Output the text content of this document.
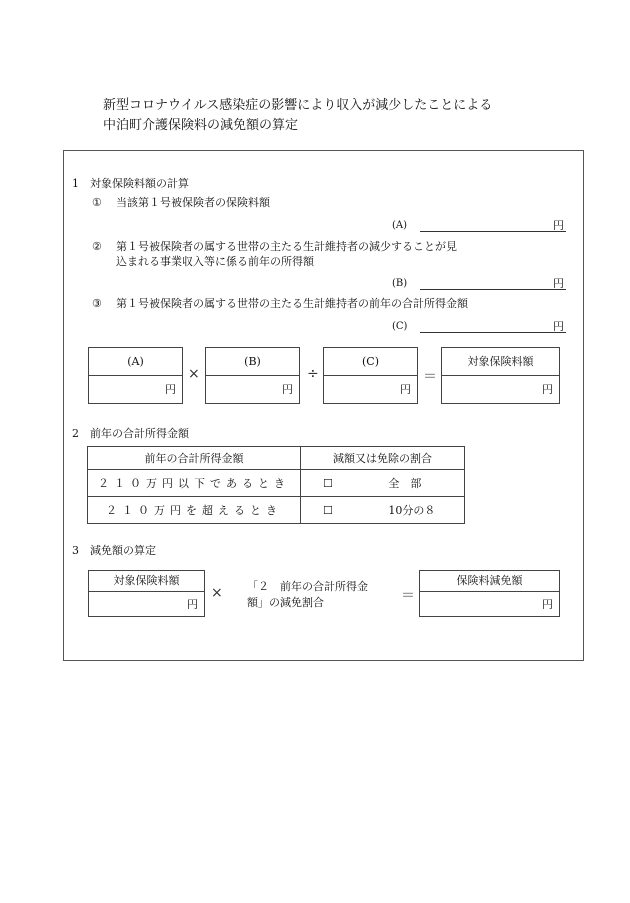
新型コロナウイルス感染症の影響により収入が減少したことによる
中泊町介護保険料の減免額の算定
1　対象保険料額の計算
① 当該第１号被保険者の保険料額
(A)	円
② 第１号被保険者の属する世帯の主たる生計維持者の減少することが見
込まれる事業収入等に係る前年の所得額
(B)	円
③ 第１号被保険者の属する世帯の主たる生計維持者の前年の合計所得金額
(C)	円
(A)
円
×
(B)
円
÷
(C)
円
＝
対象保険料額
円
2　前年の合計所得金額
前年の合計所得金額	減額又は免除の割合
２１０万円以下であるとき	☐ 全　部
２１０万円を超えるとき	☐ 10分の８
3　減免額の算定
対象保険料額
円
× 「２　前年の合計所得金
額」の減免割合	＝
保険料減免額
円
